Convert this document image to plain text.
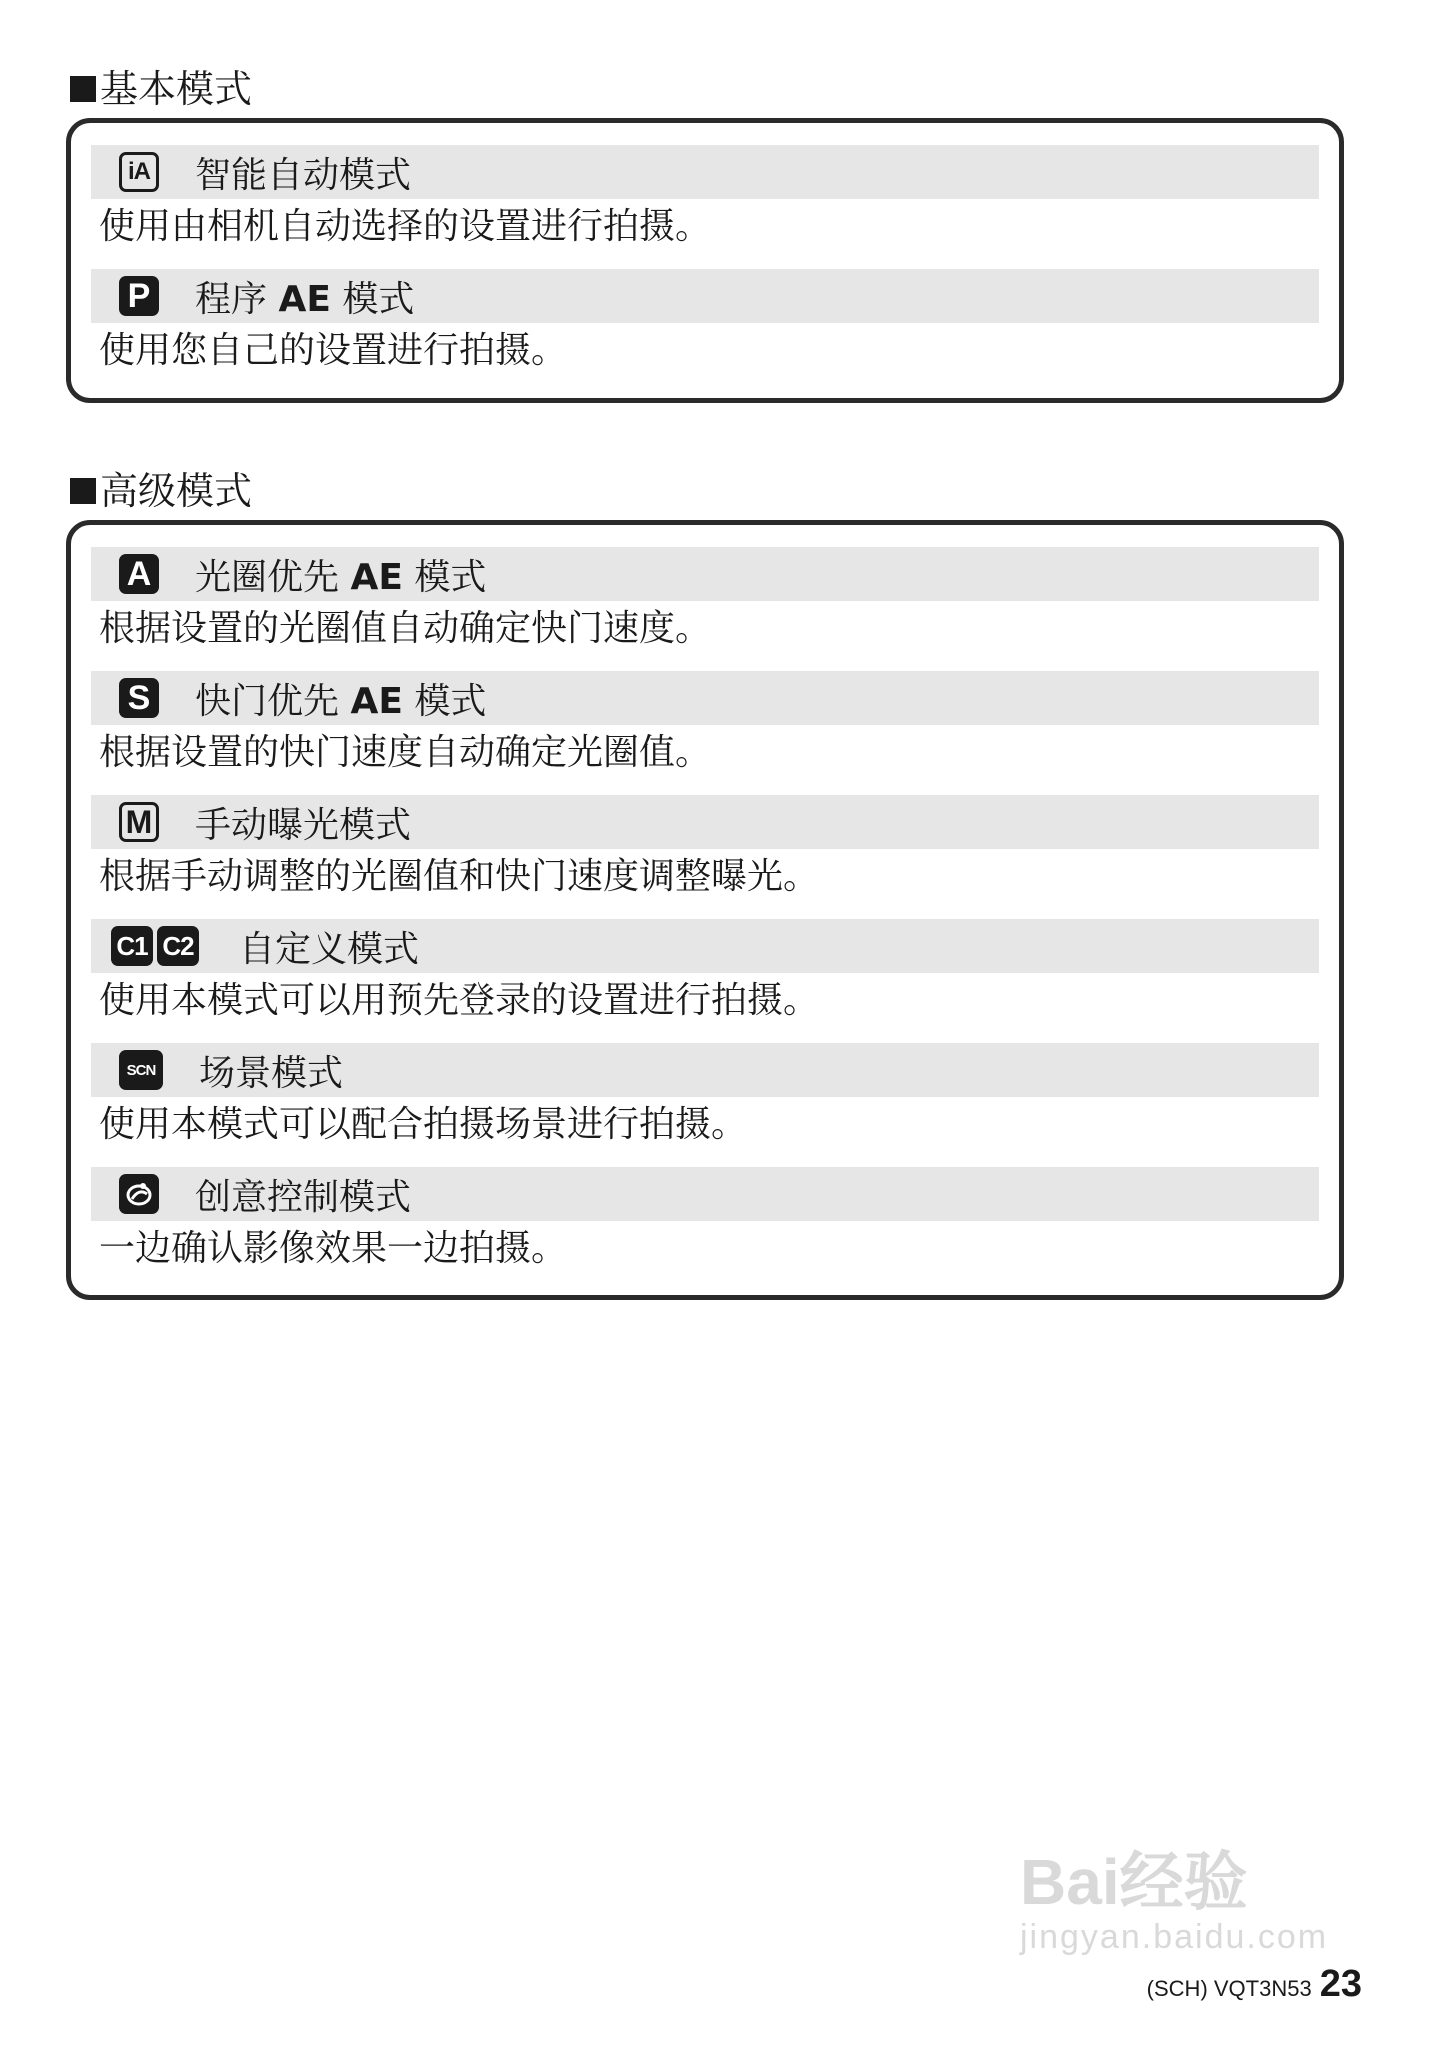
基本模式
iA 智能自动模式
使用由相机自动选择的设置进行拍摄。
P 程序 AE 模式
使用您自己的设置进行拍摄。
高级模式
A 光圈优先 AE 模式
根据设置的光圈值自动确定快门速度。
S 快门优先 AE 模式
根据设置的快门速度自动确定光圈值。
M 手动曝光模式
根据手动调整的光圈值和快门速度调整曝光。
C1 C2 自定义模式
使用本模式可以用预先登录的设置进行拍摄。
SCN 场景模式
使用本模式可以配合拍摄场景进行拍摄。
创意控制模式
一边确认影像效果一边拍摄。
Bai经验
jingyan.baidu.com
(SCH) VQT3N53 23
